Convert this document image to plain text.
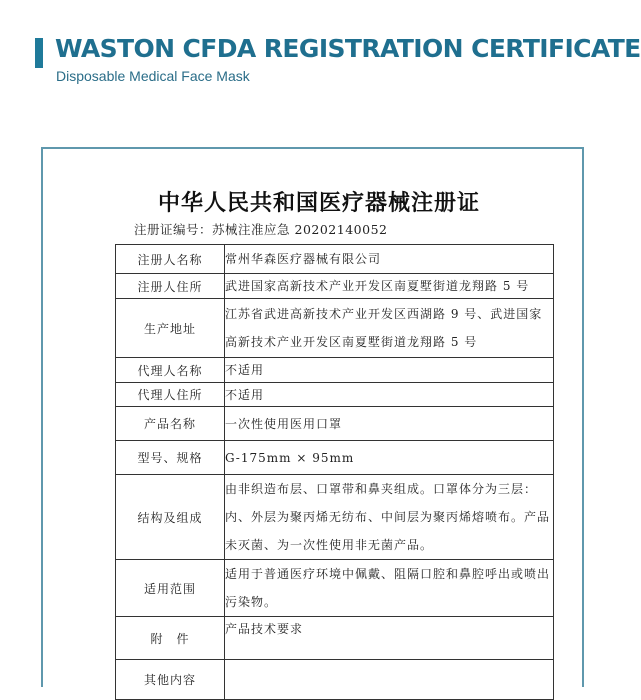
WASTON CFDA REGISTRATION CERTIFICATE
Disposable Medical Face Mask
中华人民共和国医疗器械注册证
注册证编号：苏械注准应急 20202140052
注册人名称	常州华森医疗器械有限公司
注册人住所	武进国家高新技术产业开发区南夏墅街道龙翔路 5 号
生产地址	江苏省武进高新技术产业开发区西湖路 9 号、武进国家高新技术产业开发区南夏墅街道龙翔路 5 号
代理人名称	不适用
代理人住所	不适用
产品名称	一次性使用医用口罩
型号、规格	G-175mm × 95mm
结构及组成	由非织造布层、口罩带和鼻夹组成。口罩体分为三层：内、外层为聚丙烯无纺布、中间层为聚丙烯熔喷布。产品未灭菌、为一次性使用非无菌产品。
适用范围	适用于普通医疗环境中佩戴、阻隔口腔和鼻腔呼出或喷出污染物。
附　件	产品技术要求
其他内容	
